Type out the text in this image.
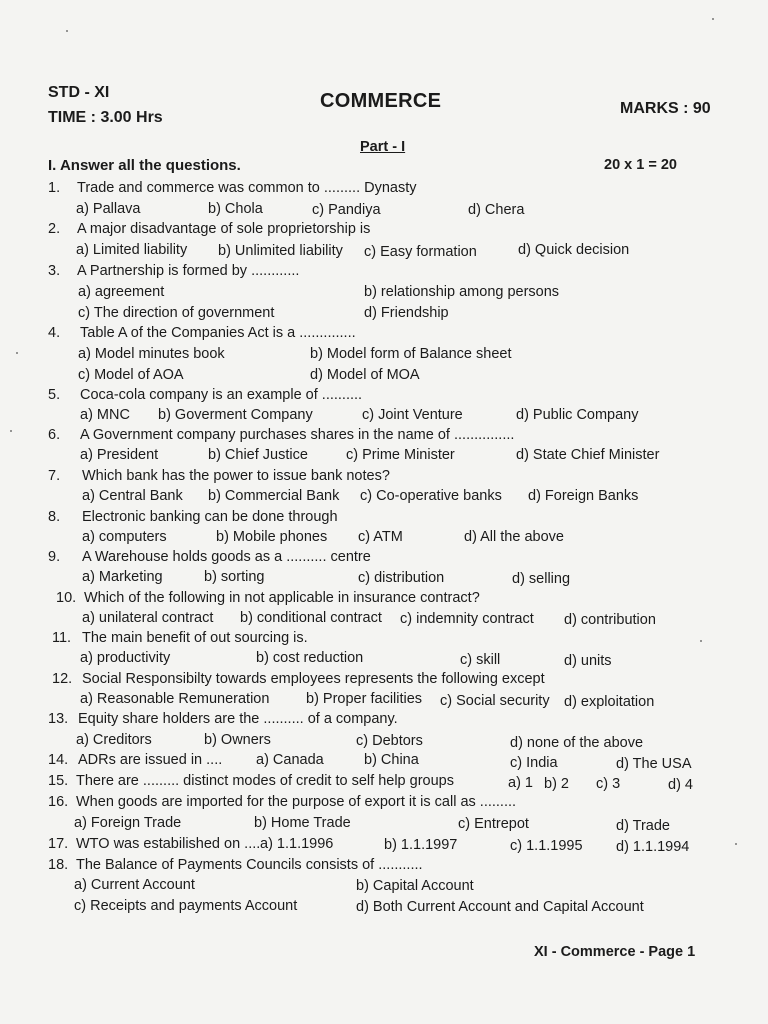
STD - XI
TIME : 3.00 Hrs
COMMERCE	MARKS : 90
Part - I
I. Answer all the questions.	20 x 1 = 20
1. Trade and commerce was common to ......... Dynasty
a) Pallava	b) Chola	c) Pandiya	d) Chera
2. A major disadvantage of sole proprietorship is
a) Limited liability b) Unlimited liability c) Easy formation	d) Quick decision
3. A Partnership is formed by ............
a) agreement	b) relationship among persons
c) The direction of government	d) Friendship
4. Table A of the Companies Act is a ..............
a) Model minutes book	b) Model form of Balance sheet
c) Model of AOA	d) Model of MOA
5. Coca-cola company is an example of ..........
a) MNC b) Goverment Company	c) Joint Venture	d) Public Company
6. A Government company purchases shares in the name of ...............
a) President	b) Chief Justice	c) Prime Minister	d) State Chief Minister
7. Which bank has the power to issue bank notes?
a) Central Bank b) Commercial Bank c) Co-operative banks d) Foreign Banks
8. Electronic banking can be done through
a) computers	b) Mobile phones c) ATM	d) All the above
9. A Warehouse holds goods as a .......... centre
a) Marketing	b) sorting	c) distribution	d) selling
10. Which of the following in not applicable in insurance contract?
a) unilateral contract b) conditional contract c) indemnity contract d) contribution
11. The main benefit of out sourcing is.
a) productivity	b) cost reduction	c) skill	d) units
12. Social Responsibilty towards employees represents the following except
a) Reasonable Remuneration	b) Proper facilities c) Social security d) exploitation
13. Equity share holders are the .......... of a company.
a) Creditors	b) Owners	c) Debtors	d) none of the above
14. ADRs are issued in .... a) Canada	b) China	c) India	d) The USA
15. There are ......... distinct modes of credit to self help groups	a) 1 b) 2 c) 3	d) 4
16. When goods are imported for the purpose of export it is call as .........
a) Foreign Trade	b) Home Trade	c) Entrepot	d) Trade
17. WTO was estabilished on .... a) 1.1.1996	b) 1.1.1997	c) 1.1.1995 d) 1.1.1994
18. The Balance of Payments Councils consists of ...........
a) Current Account	b) Capital Account
c) Receipts and payments Account	d) Both Current Account and Capital Account
XI - Commerce - Page 1
